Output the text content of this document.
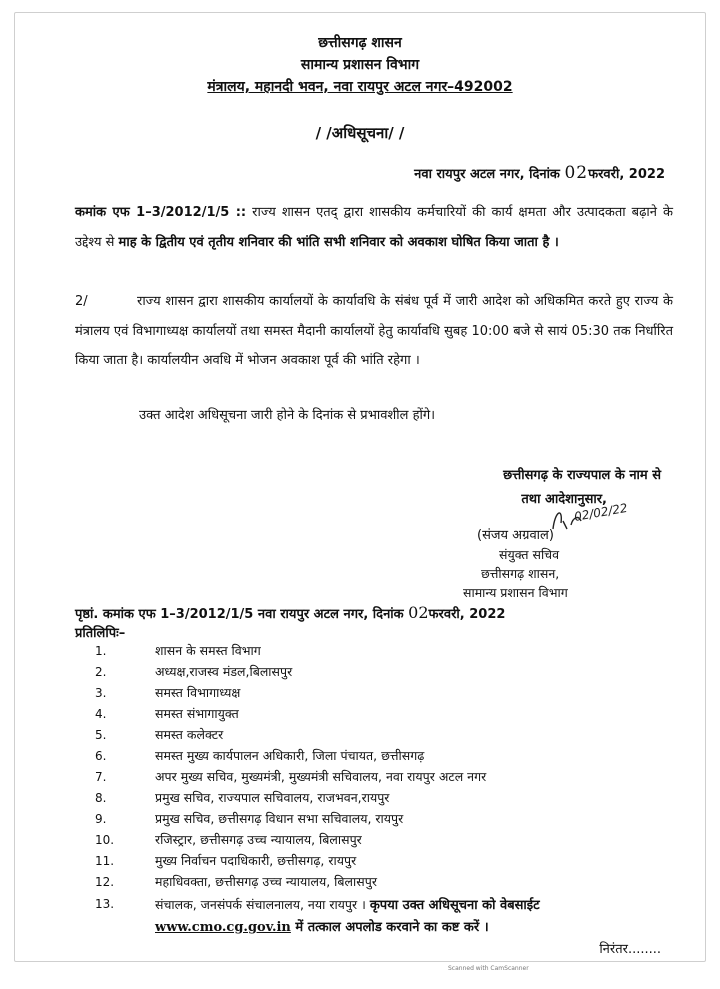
छत्तीसगढ़ शासन
सामान्य प्रशासन विभाग
मंत्रालय, महानदी भवन, नवा रायपुर अटल नगर–492002
/ /अधिसूचना/ /
नवा रायपुर अटल नगर, दिनांक 02फरवरी, 2022
कमांक एफ 1–3/2012/1/5 :: राज्य शासन एतद् द्वारा शासकीय कर्मचारियों की कार्य क्षमता और उत्पादकता बढ़ाने के उद्देश्य से माह के द्वितीय एवं तृतीय शनिवार की भांति सभी शनिवार को अवकाश घोषित किया जाता है ।
2/	राज्य शासन द्वारा शासकीय कार्यालयों के कार्यावधि के संबंध पूर्व में जारी आदेश को अधिकमित करते हुए राज्य के मंत्रालय एवं विभागाध्यक्ष कार्यालयों तथा समस्त मैदानी कार्यालयों हेतु कार्यावधि सुबह 10:00 बजे से सायं 05:30 तक निर्धारित किया जाता है। कार्यालयीन अवधि में भोजन अवकाश पूर्व की भांति रहेगा ।
उक्त आदेश अधिसूचना जारी होने के दिनांक से प्रभावशील होंगे।
छत्तीसगढ़ के राज्यपाल के नाम से
तथा आदेशानुसार,
02/02/22
(संजय अग्रवाल)
संयुक्त सचिव
छत्तीसगढ़ शासन,
सामान्य प्रशासन विभाग
पृष्ठां. कमांक एफ 1–3/2012/1/5 नवा रायपुर अटल नगर, दिनांक 02फरवरी, 2022
प्रतिलिपिः–
1.	शासन के समस्त विभाग
2.	अध्यक्ष,राजस्व मंडल,बिलासपुर
3.	समस्त विभागाध्यक्ष
4.	समस्त संभागायुक्त
5.	समस्त कलेक्टर
6.	समस्त मुख्य कार्यपालन अधिकारी, जिला पंचायत, छत्तीसगढ़
7.	अपर मुख्य सचिव, मुख्यमंत्री, मुख्यमंत्री सचिवालय, नवा रायपुर अटल नगर
8.	प्रमुख सचिव, राज्यपाल सचिवालय, राजभवन,रायपुर
9.	प्रमुख सचिव, छत्तीसगढ़ विधान सभा सचिवालय, रायपुर
10.	रजिस्ट्रार, छत्तीसगढ़ उच्च न्यायालय, बिलासपुर
11.	मुख्य निर्वाचन पदाधिकारी, छत्तीसगढ़, रायपुर
12.	महाधिवक्ता, छत्तीसगढ़ उच्च न्यायालय, बिलासपुर
13.	संचालक, जनसंपर्क संचालनालय, नया रायपुर । कृपया उक्त अधिसूचना को वेबसाईट
www.cmo.cg.gov.in में तत्काल अपलोड करवाने का कष्ट करें ।
निरंतर........
Scanned with CamScanner
